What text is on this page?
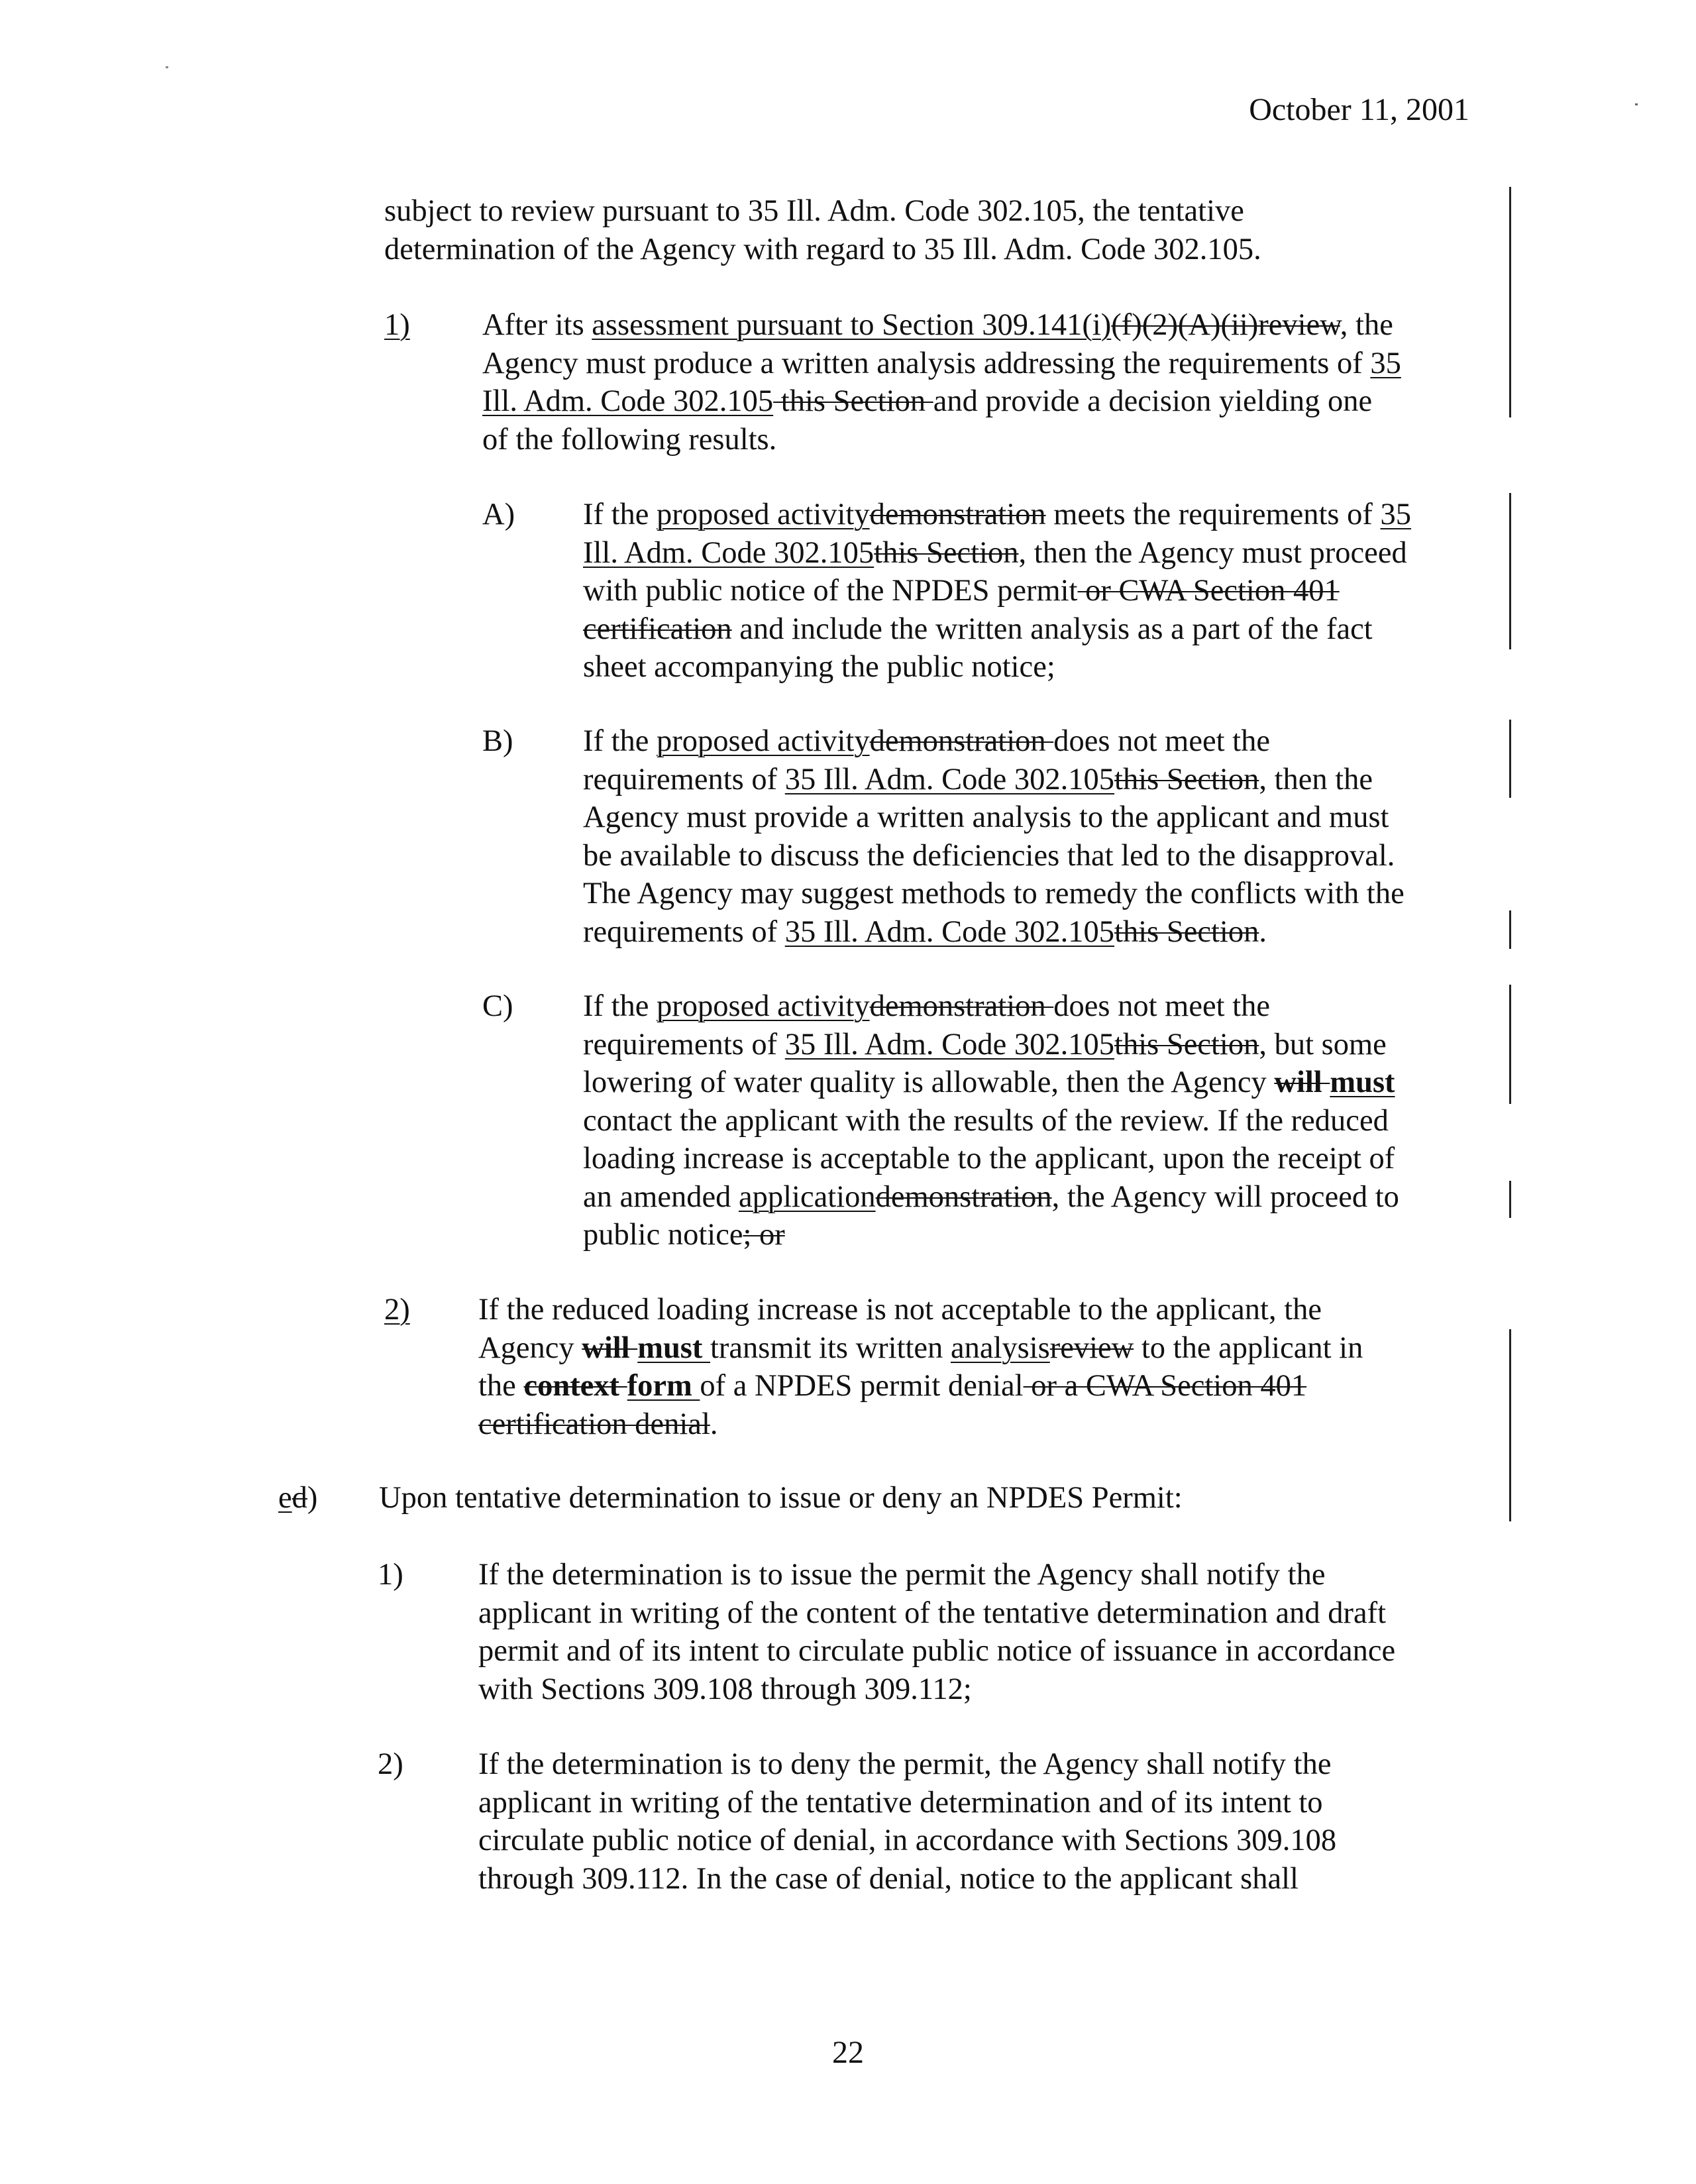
October 11, 2001
subject to review pursuant to 35 Ill. Adm. Code 302.105, the tentative
determination of the Agency with regard to 35 Ill. Adm. Code 302.105.
1) After its assessment pursuant to Section 309.141(i)(f)(2)(A)(ii)review, the
Agency must produce a written analysis addressing the requirements of 35
Ill. Adm. Code 302.105 this Section and provide a decision yielding one
of the following results.
A) If the proposed activitydemonstration meets the requirements of 35
Ill. Adm. Code 302.105this Section, then the Agency must proceed
with public notice of the NPDES permit or CWA Section 401
certification and include the written analysis as a part of the fact
sheet accompanying the public notice;
B) If the proposed activitydemonstration does not meet the
requirements of 35 Ill. Adm. Code 302.105this Section, then the
Agency must provide a written analysis to the applicant and must
be available to discuss the deficiencies that led to the disapproval.
The Agency may suggest methods to remedy the conflicts with the
requirements of 35 Ill. Adm. Code 302.105this Section.
C) If the proposed activitydemonstration does not meet the
requirements of 35 Ill. Adm. Code 302.105this Section, but some
lowering of water quality is allowable, then the Agency will must
contact the applicant with the results of the review. If the reduced
loading increase is acceptable to the applicant, upon the receipt of
an amended applicationdemonstration, the Agency will proceed to
public notice; or
2) If the reduced loading increase is not acceptable to the applicant, the
Agency will must transmit its written analysisreview to the applicant in
the context form of a NPDES permit denial or a CWA Section 401
certification denial.
ed) Upon tentative determination to issue or deny an NPDES Permit:
1) If the determination is to issue the permit the Agency shall notify the
applicant in writing of the content of the tentative determination and draft
permit and of its intent to circulate public notice of issuance in accordance
with Sections 309.108 through 309.112;
2) If the determination is to deny the permit, the Agency shall notify the
applicant in writing of the tentative determination and of its intent to
circulate public notice of denial, in accordance with Sections 309.108
through 309.112. In the case of denial, notice to the applicant shall
22
